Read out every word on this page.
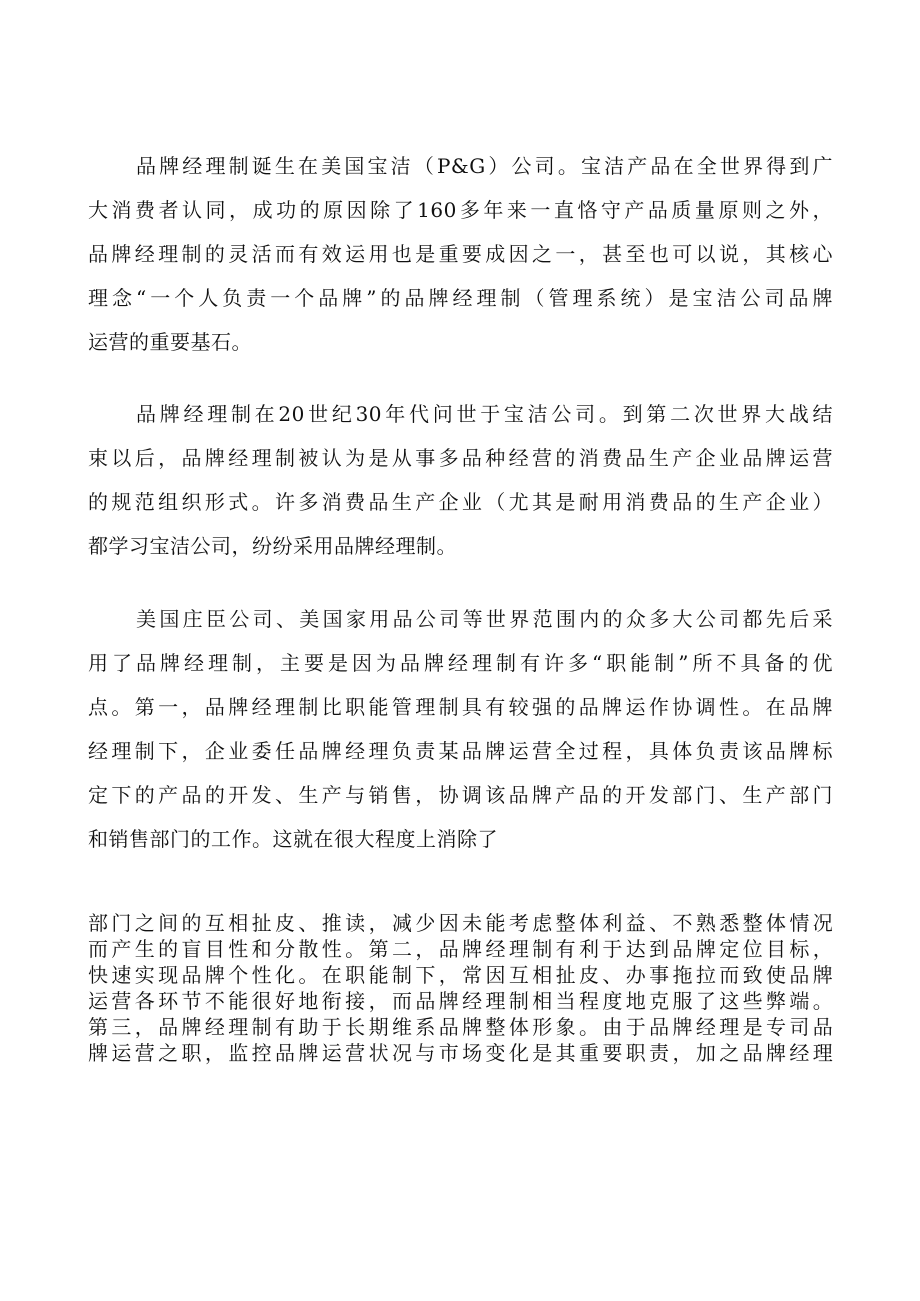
品牌经理制诞生在美国宝洁（P&G）公司。宝洁产品在全世界得到广
大消费者认同，成功的原因除了160多年来一直恪守产品质量原则之外，
品牌经理制的灵活而有效运用也是重要成因之一，甚至也可以说，其核心
理念“一个人负责一个品牌”的品牌经理制（管理系统）是宝洁公司品牌
运营的重要基石。
品牌经理制在20世纪30年代问世于宝洁公司。到第二次世界大战结
束以后，品牌经理制被认为是从事多品种经营的消费品生产企业品牌运营
的规范组织形式。许多消费品生产企业（尤其是耐用消费品的生产企业）
都学习宝洁公司，纷纷采用品牌经理制。
美国庄臣公司、美国家用品公司等世界范围内的众多大公司都先后采
用了品牌经理制，主要是因为品牌经理制有许多“职能制”所不具备的优
点。第一，品牌经理制比职能管理制具有较强的品牌运作协调性。在品牌
经理制下，企业委任品牌经理负责某品牌运营全过程，具体负责该品牌标
定下的产品的开发、生产与销售，协调该品牌产品的开发部门、生产部门
和销售部门的工作。这就在很大程度上消除了
部门之间的互相扯皮、推读，减少因未能考虑整体利益、不熟悉整体情况
而产生的盲目性和分散性。第二，品牌经理制有利于达到品牌定位目标，
快速实现品牌个性化。在职能制下，常因互相扯皮、办事拖拉而致使品牌
运营各环节不能很好地衔接，而品牌经理制相当程度地克服了这些弊端。
第三，品牌经理制有助于长期维系品牌整体形象。由于品牌经理是专司品
牌运营之职，监控品牌运营状况与市场变化是其重要职责，加之品牌经理
